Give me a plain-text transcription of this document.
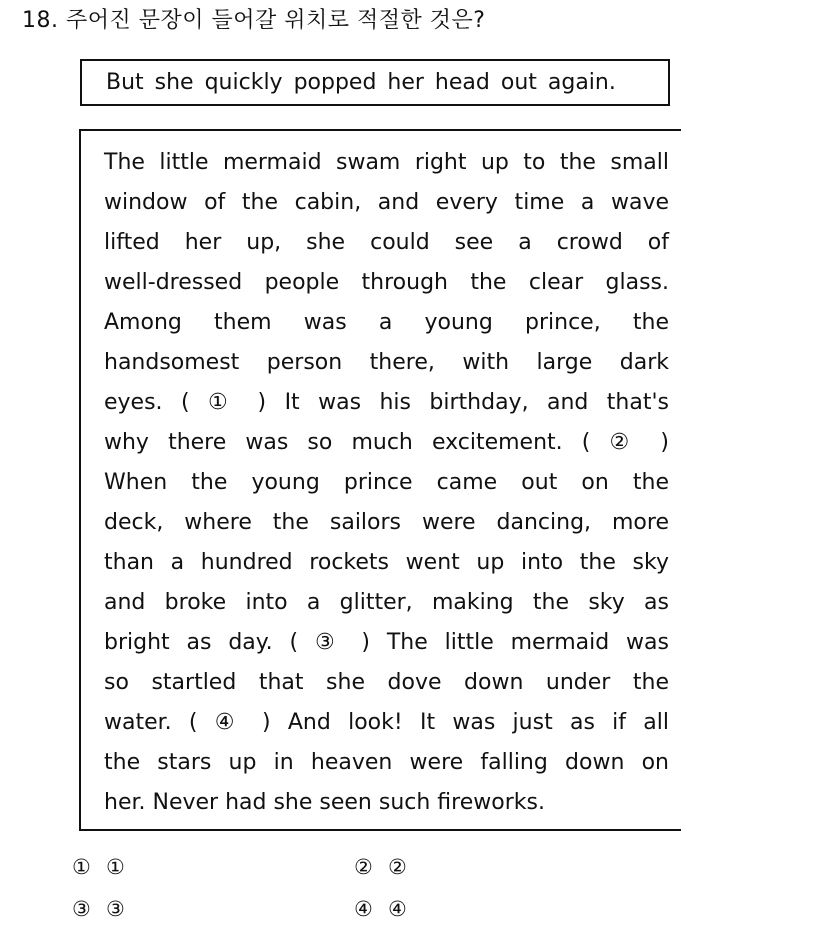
18. 주어진 문장이 들어갈 위치로 적절한 것은?
But she quickly popped her head out again.
The little mermaid swam right up to the small
window of the cabin, and every time a wave
lifted her up, she could see a crowd of
well-dressed people through the clear glass.
Among them was a young prince, the
handsomest person there, with large dark
eyes. ( ① ) It was his birthday, and that's
why there was so much excitement. ( ② )
When the young prince came out on the
deck, where the sailors were dancing, more
than a hundred rockets went up into the sky
and broke into a glitter, making the sky as
bright as day. ( ③ ) The little mermaid was
so startled that she dove down under the
water. ( ④ ) And look! It was just as if all
the stars up in heaven were falling down on
her. Never had she seen such fireworks.
① ①	② ②
③ ③	④ ④
